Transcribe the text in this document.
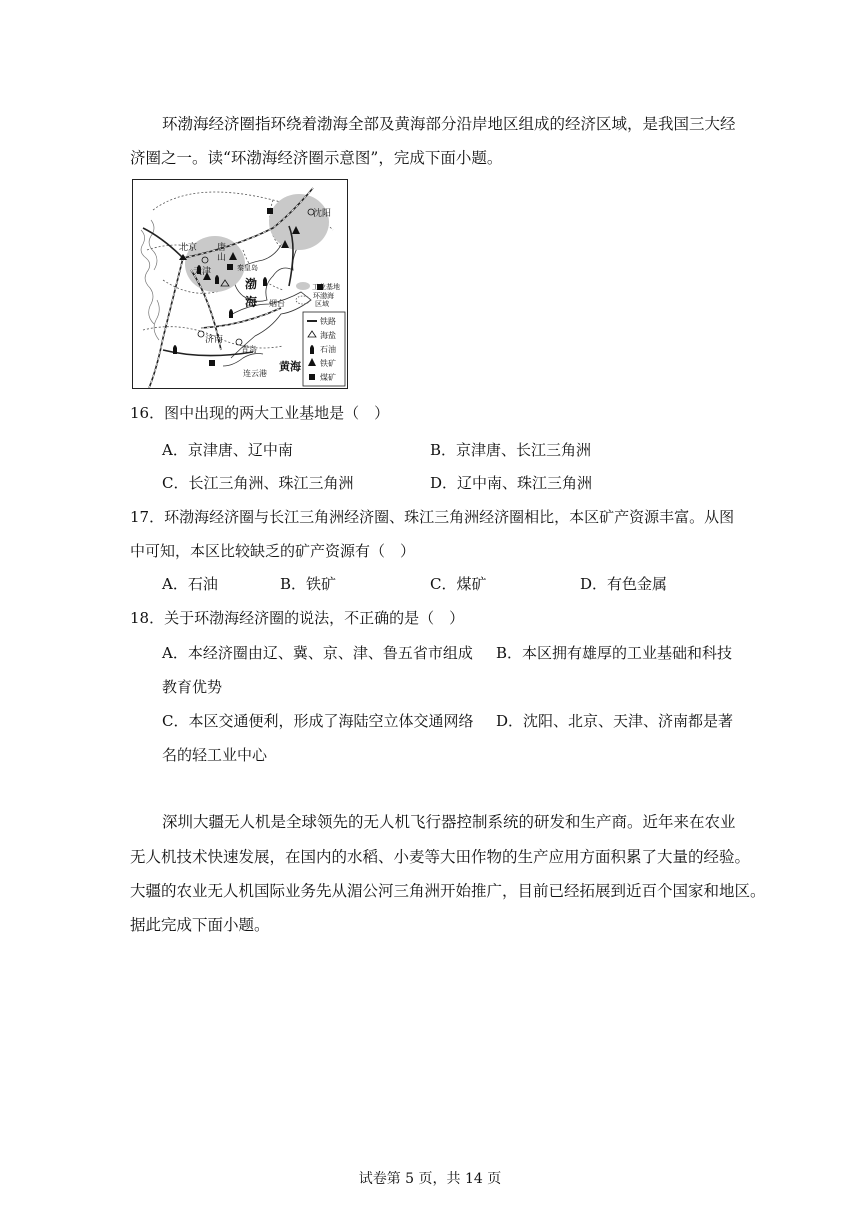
环渤海经济圈指环绕着渤海全部及黄海部分沿岸地区组成的经济区域，是我国三大经
济圈之一。读“环渤海经济圈示意图”，完成下面小题。
北京
天津
唐
山
秦皇岛
沈阳
济南
青岛
烟台
连云港
渤
海
黄海
工业基地
环渤海
区域
铁路
海盐
石油
铁矿
煤矿
16．图中出现的两大工业基地是（　）
A．京津唐、辽中南	B．京津唐、长江三角洲
C．长江三角洲、珠江三角洲	D．辽中南、珠江三角洲
17．环渤海经济圈与长江三角洲经济圈、珠江三角洲经济圈相比，本区矿产资源丰富。从图
中可知，本区比较缺乏的矿产资源有（　）
A．石油	B．铁矿	C．煤矿	D．有色金属
18．关于环渤海经济圈的说法，不正确的是（　）
A．本经济圈由辽、冀、京、津、鲁五省市组成 B．本区拥有雄厚的工业基础和科技
教育优势
C．本区交通便利，形成了海陆空立体交通网络 D．沈阳、北京、天津、济南都是著
名的轻工业中心
深圳大疆无人机是全球领先的无人机飞行器控制系统的研发和生产商。近年来在农业
无人机技术快速发展，在国内的水稻、小麦等大田作物的生产应用方面积累了大量的经验。
大疆的农业无人机国际业务先从湄公河三角洲开始推广，目前已经拓展到近百个国家和地区。
据此完成下面小题。
试卷第 5 页，共 14 页
